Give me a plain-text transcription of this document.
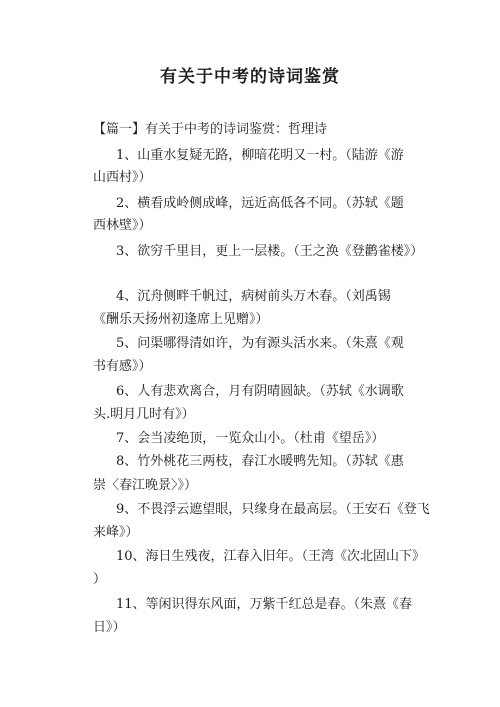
有关于中考的诗词鉴赏
【篇一】有关于中考的诗词鉴赏：哲理诗
1、山重水复疑无路，柳暗花明又一村。（陆游《游
山西村》）
2、横看成岭侧成峰，远近高低各不同。（苏轼《题
西林壁》）
3、欲穷千里目，更上一层楼。（王之涣《登鹳雀楼》）
4、沉舟侧畔千帆过，病树前头万木春。（刘禹锡
《酬乐天扬州初逢席上见赠》）
5、问渠哪得清如许，为有源头活水来。（朱熹《观
书有感》）
6、人有悲欢离合，月有阴晴圆缺。（苏轼《水调歌
头.明月几时有》）
7、会当凌绝顶，一览众山小。（杜甫《望岳》）
8、竹外桃花三两枝，春江水暖鸭先知。（苏轼《惠
崇〈春江晚景〉》）
9、不畏浮云遮望眼，只缘身在最高层。（王安石《登飞
来峰》）
10、海日生残夜，江春入旧年。（王湾《次北固山下》
）
11、等闲识得东风面，万紫千红总是春。（朱熹《春
日》）
